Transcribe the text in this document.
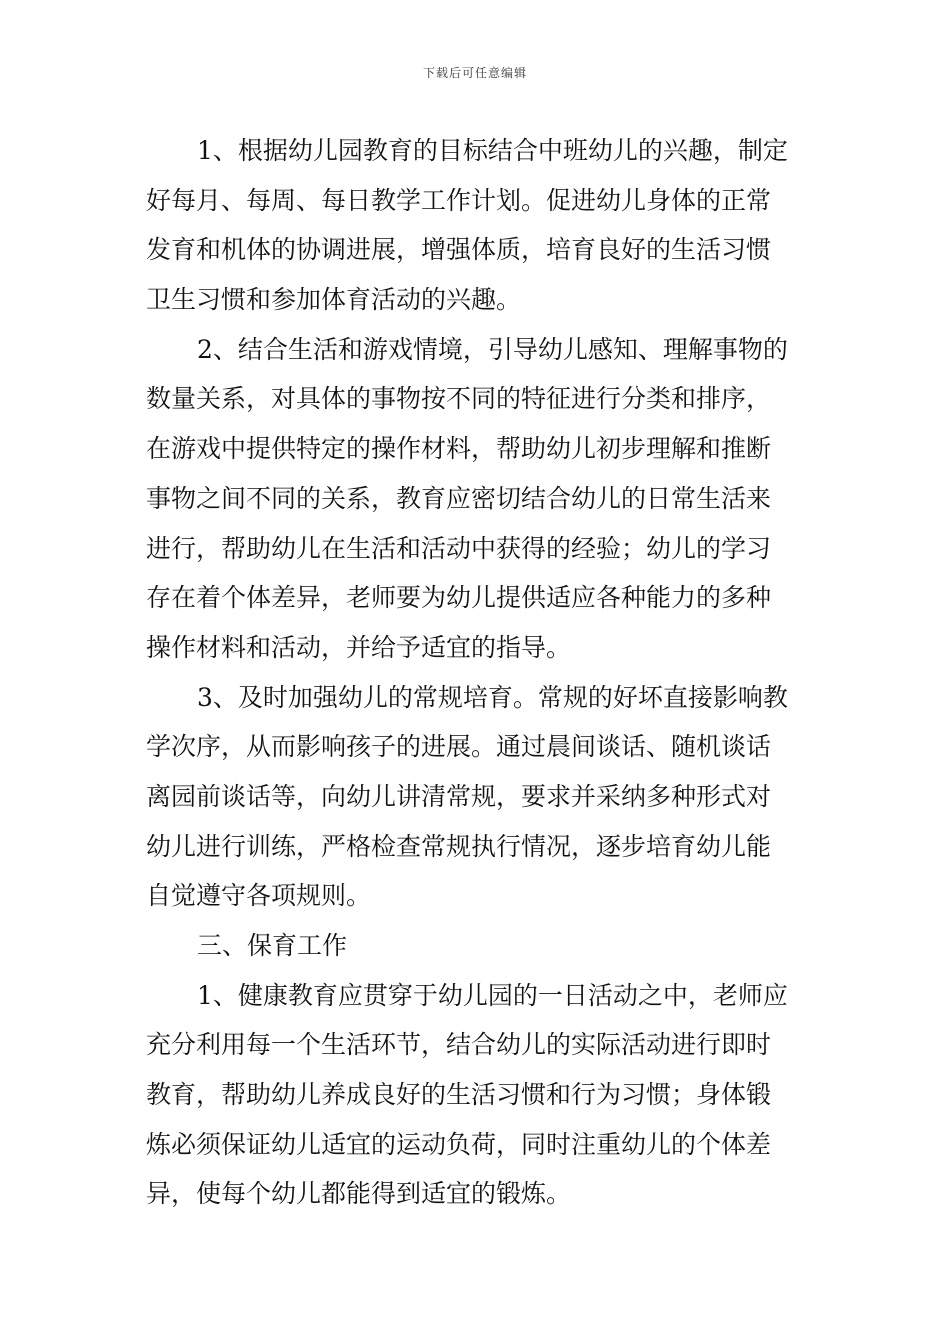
下载后可任意编辑
1、根据幼儿园教育的目标结合中班幼儿的兴趣，制定
好每月、每周、每日教学工作计划。促进幼儿身体的正常
发育和机体的协调进展，增强体质，培育良好的生活习惯
卫生习惯和参加体育活动的兴趣。
2、结合生活和游戏情境，引导幼儿感知、理解事物的
数量关系，对具体的事物按不同的特征进行分类和排序，
在游戏中提供特定的操作材料，帮助幼儿初步理解和推断
事物之间不同的关系，教育应密切结合幼儿的日常生活来
进行，帮助幼儿在生活和活动中获得的经验；幼儿的学习
存在着个体差异，老师要为幼儿提供适应各种能力的多种
操作材料和活动，并给予适宜的指导。
3、及时加强幼儿的常规培育。常规的好坏直接影响教
学次序，从而影响孩子的进展。通过晨间谈话、随机谈话
离园前谈话等，向幼儿讲清常规，要求并采纳多种形式对
幼儿进行训练，严格检查常规执行情况，逐步培育幼儿能
自觉遵守各项规则。
三、保育工作
1、健康教育应贯穿于幼儿园的一日活动之中，老师应
充分利用每一个生活环节，结合幼儿的实际活动进行即时
教育，帮助幼儿养成良好的生活习惯和行为习惯；身体锻
炼必须保证幼儿适宜的运动负荷，同时注重幼儿的个体差
异，使每个幼儿都能得到适宜的锻炼。
